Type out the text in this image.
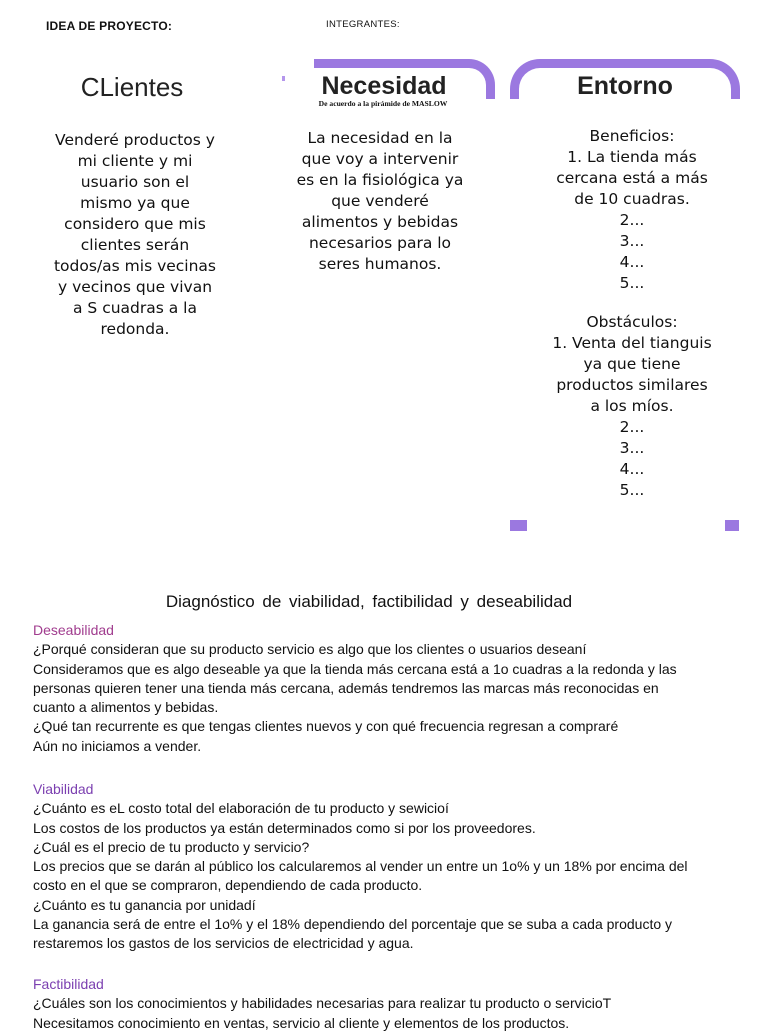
IDEA DE PROYECTO:	INTEGRANTES:
CLientes
Venderé productos y
mi cliente y mi
usuario son el
mismo ya que
considero que mis
clientes serán
todos/as mis vecinas
y vecinos que vivan
a S cuadras a la
redonda.
Necesidad
De acuerdo a la pirámide de MASLOW
La necesidad en la
que voy a intervenir
es en la fisiológica ya
que venderé
alimentos y bebidas
necesarios para lo
seres humanos.
Entorno
Beneficios:
1. La tienda más
cercana está a más
de 10 cuadras.
2...
3...
4...
5...
Obstáculos:
1. Venta del tianguis
ya que tiene
productos similares
a los míos.
2...
3...
4...
5...
Diagnóstico de viabilidad, factibilidad y deseabilidad
Deseabilidad
¿Porqué consideran que su producto servicio es algo que los clientes o usuarios deseaní
Consideramos que es algo deseable ya que la tienda más cercana está a 1o cuadras a la redonda y las
personas quieren tener una tienda más cercana, además tendremos las marcas más reconocidas en
cuanto a alimentos y bebidas.
¿Qué tan recurrente es que tengas clientes nuevos y con qué frecuencia regresan a compraré
Aún no iniciamos a vender.
Viabilidad
¿Cuánto es eL costo total del elaboración de tu producto y sewicioí
Los costos de los productos ya están determinados como si por los proveedores.
¿Cuál es el precio de tu producto y servicio?
Los precios que se darán al público los calcularemos al vender un entre un 1o% y un 18% por encima del
costo en el que se compraron, dependiendo de cada producto.
¿Cuánto es tu ganancia por unidadí
La ganancia será de entre el 1o% y el 18% dependiendo del porcentaje que se suba a cada producto y
restaremos los gastos de los servicios de electricidad y agua.
Factibilidad
¿Cuáles son los conocimientos y habilidades necesarias para realizar tu producto o servicioT
Necesitamos conocimiento en ventas, servicio al cliente y elementos de los productos.
